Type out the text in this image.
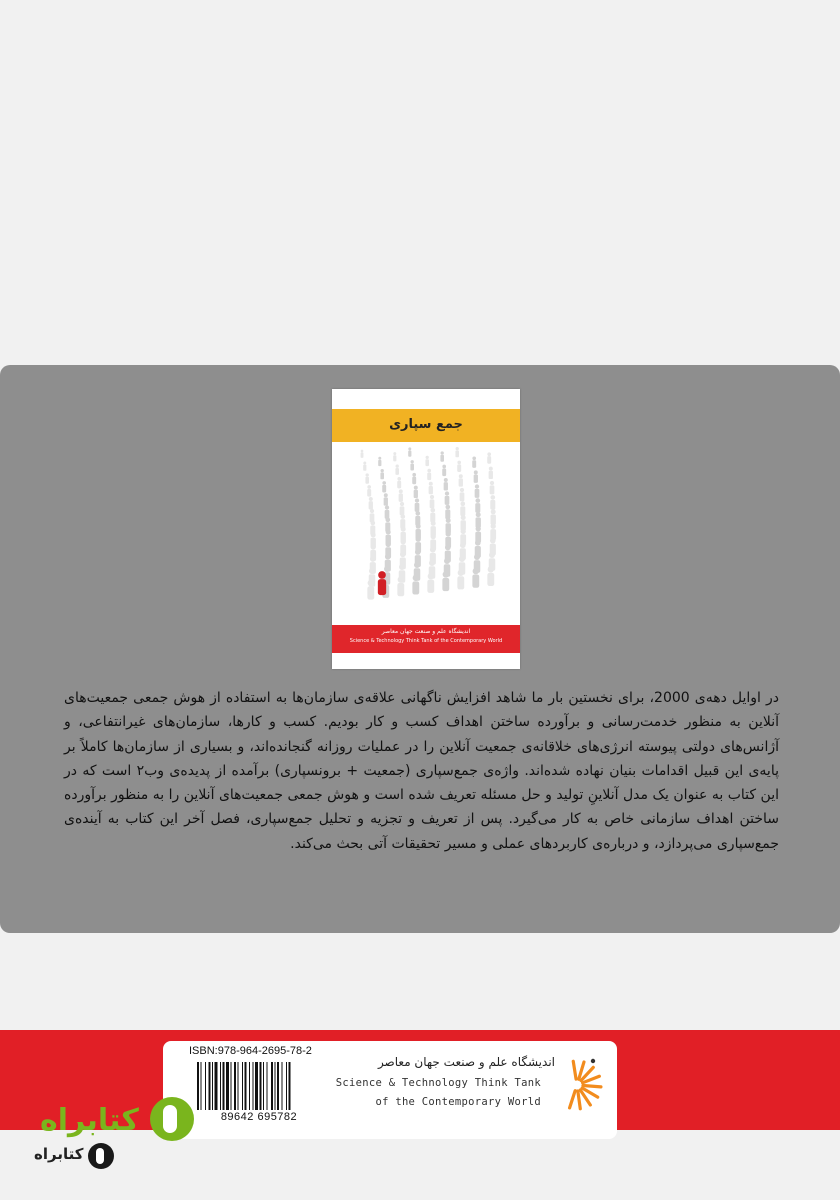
جمع سپاری
اندیشگاه علم و صنعت جهان معاصر
Science & Technology Think Tank of the Contemporary World

در اوایل دهه‌ی 2000، برای نخستین بار ما شاهد افزایش ناگهانی علاقه‌ی سازمان‌ها به استفاده از هوش جمعی جمعیت‌های آنلاین به منظور خدمت‌رسانی و برآورده ساختن اهداف کسب و کار بودیم. کسب و کارها، سازمان‌های غیرانتفاعی، و آژانس‌های دولتی پیوسته انرژی‌های خلاقانه‌ی جمعیت آنلاین را در عملیات روزانه گنجانده‌اند، و بسیاری از سازمان‌ها کاملاً بر پایه‌ی این قبیل اقدامات بنیان نهاده شده‌اند. واژه‌ی جمع‌سپاری (جمعیت + برونسپاری) برآمده از پدیده‌ی وب۲ است که در این کتاب به عنوان یک مدل آنلاینِ تولید و حل مسئله تعریف شده است و هوش جمعی جمعیت‌های آنلاین را به منظور برآورده ساختن اهداف سازمانی خاص به کار می‌گیرد. پس از تعریف و تجزیه و تحلیل جمع‌سپاری، فصل آخر این کتاب به آینده‌ی جمع‌سپاری می‌پردازد، و درباره‌ی کاربردهای عملی و مسیر تحقیقات آتی بحث می‌کند.

ISBN:978-964-2695-78-2
89642 695782
اندیشگاه علم و صنعت جهان معاصر
Science & Technology Think Tank
of the Contemporary World
کتابراه
کتابراه
